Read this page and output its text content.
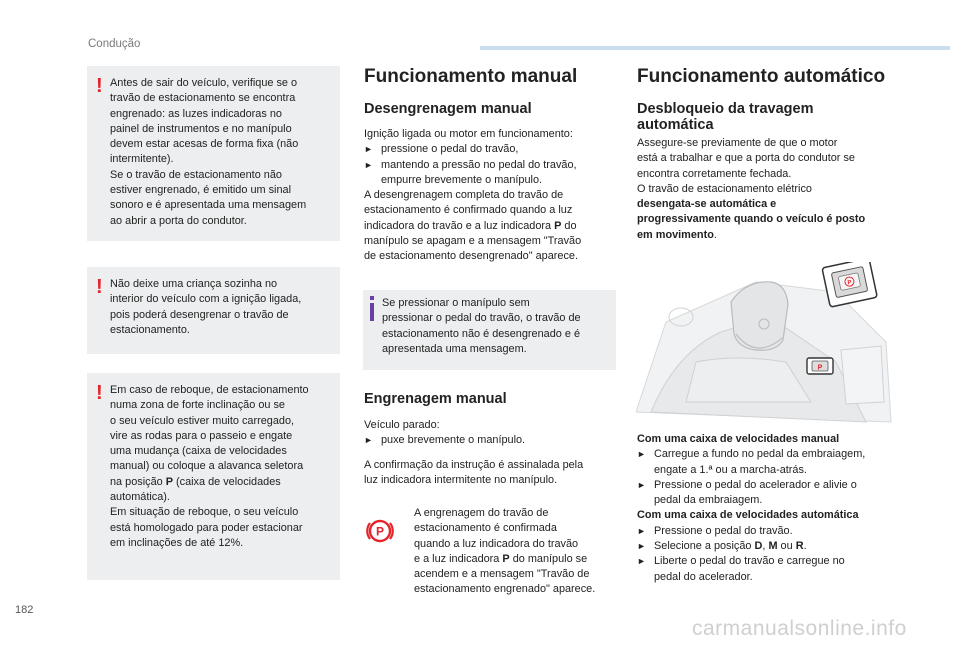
Condução
182
carmanualsonline.info
! Antes de sair do veículo, verifique se o
travão de estacionamento se encontra
engrenado: as luzes indicadoras no
painel de instrumentos e no manípulo
devem estar acesas de forma fixa (não
intermitente).
Se o travão de estacionamento não
estiver engrenado, é emitido um sinal
sonoro e é apresentada uma mensagem
ao abrir a porta do condutor.
! Não deixe uma criança sozinha no
interior do veículo com a ignição ligada,
pois poderá desengrenar o travão de
estacionamento.
! Em caso de reboque, de estacionamento
numa zona de forte inclinação ou se
o seu veículo estiver muito carregado,
vire as rodas para o passeio e engate
uma mudança (caixa de velocidades
manual) ou coloque a alavanca seletora
na posição P (caixa de velocidades
automática).
Em situação de reboque, o seu veículo
está homologado para poder estacionar
em inclinações de até 12%.
Funcionamento manual
Desengrenagem manual
Ignição ligada ou motor em funcionamento:
► pressione o pedal do travão,
► mantendo a pressão no pedal do travão,
empurre brevemente o manípulo.
A desengrenagem completa do travão de
estacionamento é confirmado quando a luz
indicadora do travão e a luz indicadora P do
manípulo se apagam e a mensagem "Travão
de estacionamento desengrenado" aparece.
Se pressionar o manípulo sem
pressionar o pedal do travão, o travão de
estacionamento não é desengrenado e é
apresentada uma mensagem.
Engrenagem manual
Veículo parado:
► puxe brevemente o manípulo.
A confirmação da instrução é assinalada pela
luz indicadora intermitente no manípulo.
P
A engrenagem do travão de
estacionamento é confirmada
quando a luz indicadora do travão
e a luz indicadora P do manípulo se
acendem e a mensagem "Travão de
estacionamento engrenado" aparece.
Funcionamento automático
Desbloqueio da travagem automática
Assegure-se previamente de que o motor
está a trabalhar e que a porta do condutor se
encontra corretamente fechada.
O travão de estacionamento elétrico
desengata-se automática e
progressivamente quando o veículo é posto
em movimento.
P
P
Com uma caixa de velocidades manual
► Carregue a fundo no pedal da embraiagem,
engate a 1.ª ou a marcha-atrás.
► Pressione o pedal do acelerador e alivie o
pedal da embraiagem.
Com uma caixa de velocidades automática
► Pressione o pedal do travão.
► Selecione a posição D, M ou R.
► Liberte o pedal do travão e carregue no
pedal do acelerador.
